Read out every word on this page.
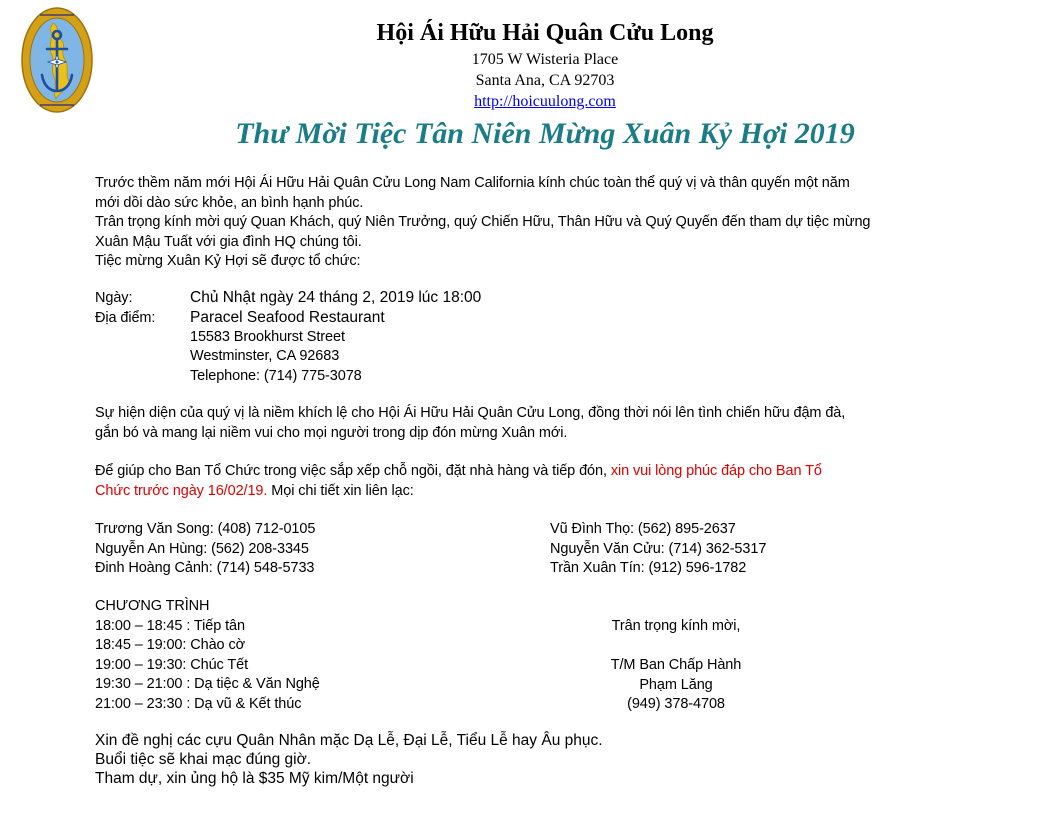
Hội Ái Hữu Hải Quân Cửu Long
1705 W Wisteria Place
Santa Ana, CA 92703
http://hoicuulong.com
Thư Mời Tiệc Tân Niên Mừng Xuân Kỷ Hợi 2019
Trước thềm năm mới Hội Ái Hữu Hải Quân Cửu Long Nam California kính chúc toàn thể quý vị và thân quyến một năm
mới dồi dào sức khỏe, an bình hạnh phúc.
Trân trọng kính mời quý Quan Khách, quý Niên Trưởng, quý Chiến Hữu, Thân Hữu và Quý Quyến đến tham dự tiệc mừng
Xuân Mậu Tuất với gia đình HQ chúng tôi.
Tiệc mừng Xuân Kỷ Hợi sẽ được tổ chức:
Ngày:	Chủ Nhật ngày 24 tháng 2, 2019 lúc 18:00
Địa điểm: Paracel Seafood Restaurant
15583 Brookhurst Street
Westminster, CA 92683
Telephone: (714) 775-3078
Sự hiện diện của quý vị là niềm khích lệ cho Hội Ái Hữu Hải Quân Cửu Long, đồng thời nói lên tình chiến hữu đậm đà,
gắn bó và mang lại niềm vui cho mọi người trong dịp đón mừng Xuân mới.
Để giúp cho Ban Tổ Chức trong việc sắp xếp chỗ ngồi, đặt nhà hàng và tiếp đón, xin vui lòng phúc đáp cho Ban Tổ
Chức trước ngày 16/02/19. Mọi chi tiết xin liên lạc:
Trương Văn Song: (408) 712-0105
Nguyễn An Hùng: (562) 208-3345
Đinh Hoàng Cảnh: (714) 548-5733
Vũ Đình Thọ: (562) 895-2637
Nguyễn Văn Cửu: (714) 362-5317
Trần Xuân Tín: (912) 596-1782
CHƯƠNG TRÌNH
18:00 – 18:45 : Tiếp tân
18:45 – 19:00: Chào cờ
19:00 – 19:30: Chúc Tết
19:30 – 21:00 : Dạ tiệc & Văn Nghệ
21:00 – 23:30 : Dạ vũ & Kết thúc
Trân trọng kính mời,

T/M Ban Chấp Hành
Phạm Lăng
(949) 378-4708
Xin đề nghị các cựu Quân Nhân mặc Dạ Lễ, Đại Lễ, Tiểu Lễ hay Âu phục.
Buổi tiệc sẽ khai mạc đúng giờ.
Tham dự, xin ủng hộ là $35 Mỹ kim/Một người
